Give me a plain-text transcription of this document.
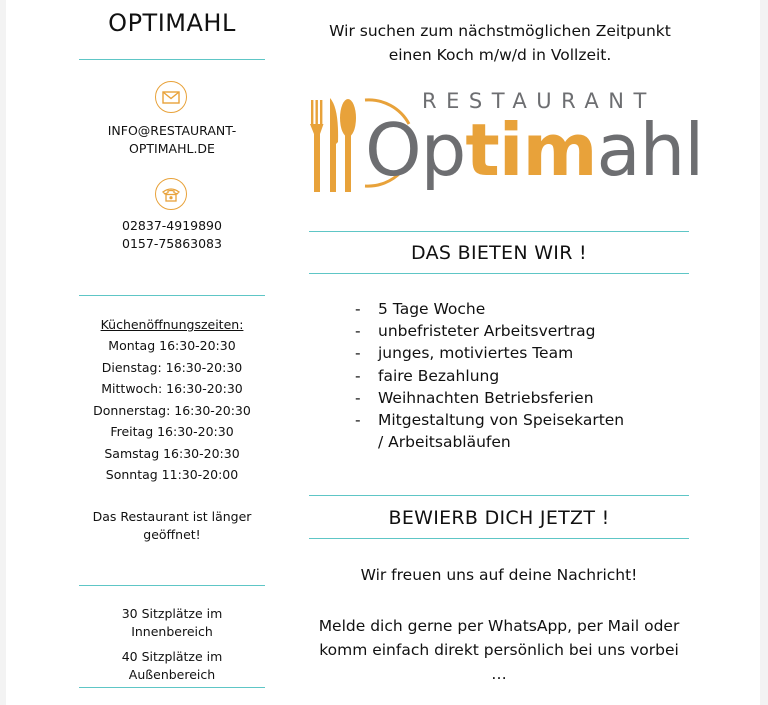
OPTIMAHL
INFO@RESTAURANT-OPTIMAHL.DE
02837-4919890
0157-75863083
Küchenöffnungszeiten:
Montag 16:30-20:30
Dienstag: 16:30-20:30
Mittwoch: 16:30-20:30
Donnerstag: 16:30-20:30
Freitag 16:30-20:30
Samstag 16:30-20:30
Sonntag 11:30-20:00
Das Restaurant ist länger geöffnet!
30 Sitzplätze im Innenbereich
40 Sitzplätze im Außenbereich
Wir suchen zum nächstmöglichen Zeitpunkt einen Koch m/w/d in Vollzeit.
RESTAURANT
Optimahl
DAS BIETEN WIR !
- 5 Tage Woche
- unbefristeter Arbeitsvertrag
- junges, motiviertes Team
- faire Bezahlung
- Weihnachten Betriebsferien
- Mitgestaltung von Speisekarten / Arbeitsabläufen
BEWIERB DICH JETZT !
Wir freuen uns auf deine Nachricht!
Melde dich gerne per WhatsApp, per Mail oder komm einfach direkt persönlich bei uns vorbei …
